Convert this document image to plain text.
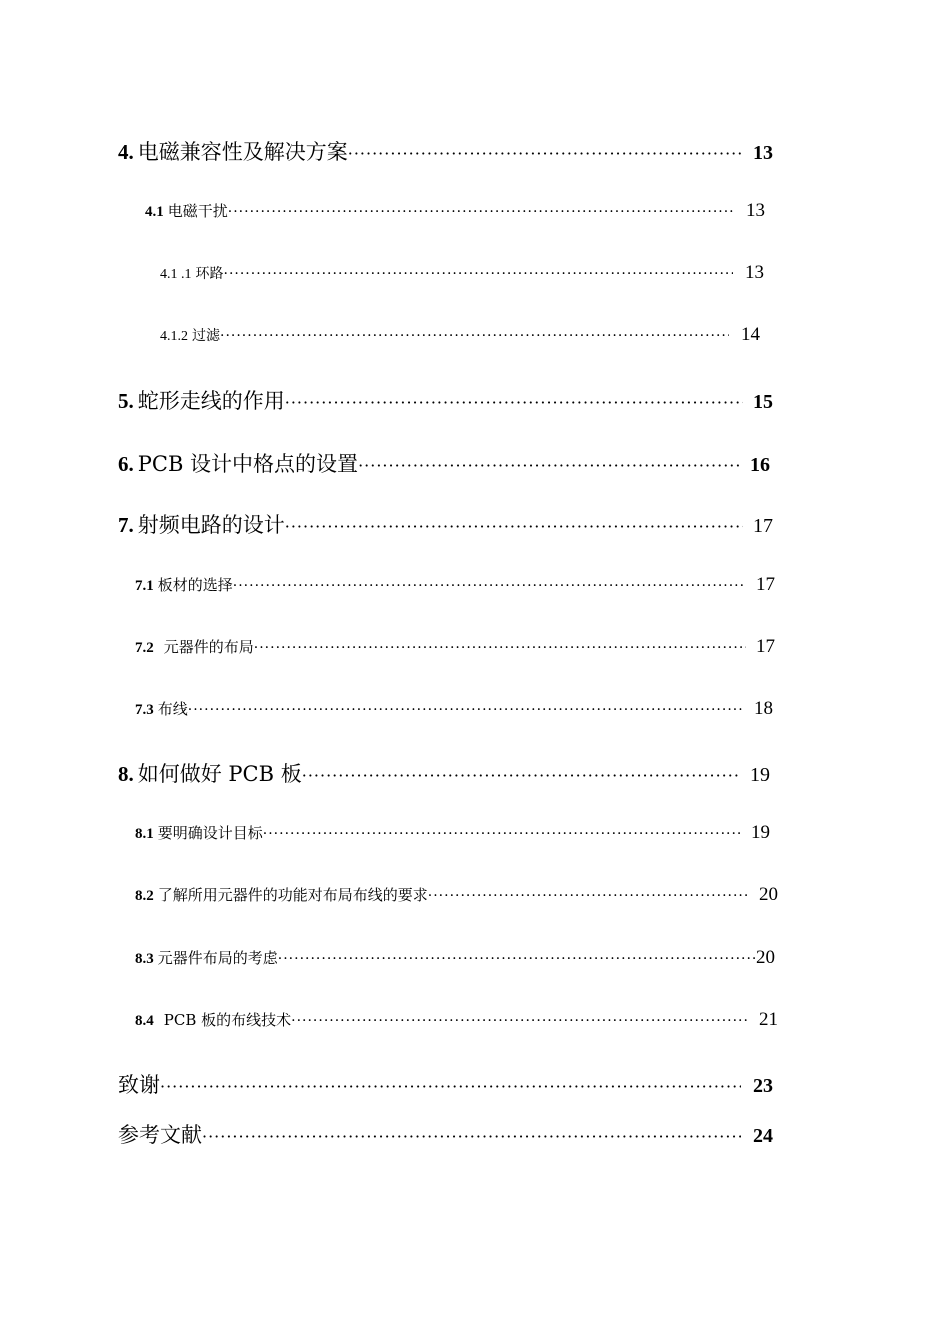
4. 电磁兼容性及解决方案 ·····	13
4.1 电磁干扰 ·····	13
4.1 .1 环路 ·····	13
4.1.2 过滤 ·····	14
5. 蛇形走线的作用 ·····	15
6. PCB 设计中格点的设置 ·····	16
7. 射频电路的设计 ·····	17
7.1 板材的选择 ·····	17
7.2 元器件的布局 ·····	17
7.3 布线 ·····	18
8. 如何做好 PCB 板 ·····	19
8.1 要明确设计目标 ·····	19
8.2 了解所用元器件的功能对布局布线的要求 ·····	20
8.3 元器件布局的考虑 ·····	20
8.4 PCB 板的布线技术 ·····	21
致谢 ·····	23
参考文献 ·····	24
